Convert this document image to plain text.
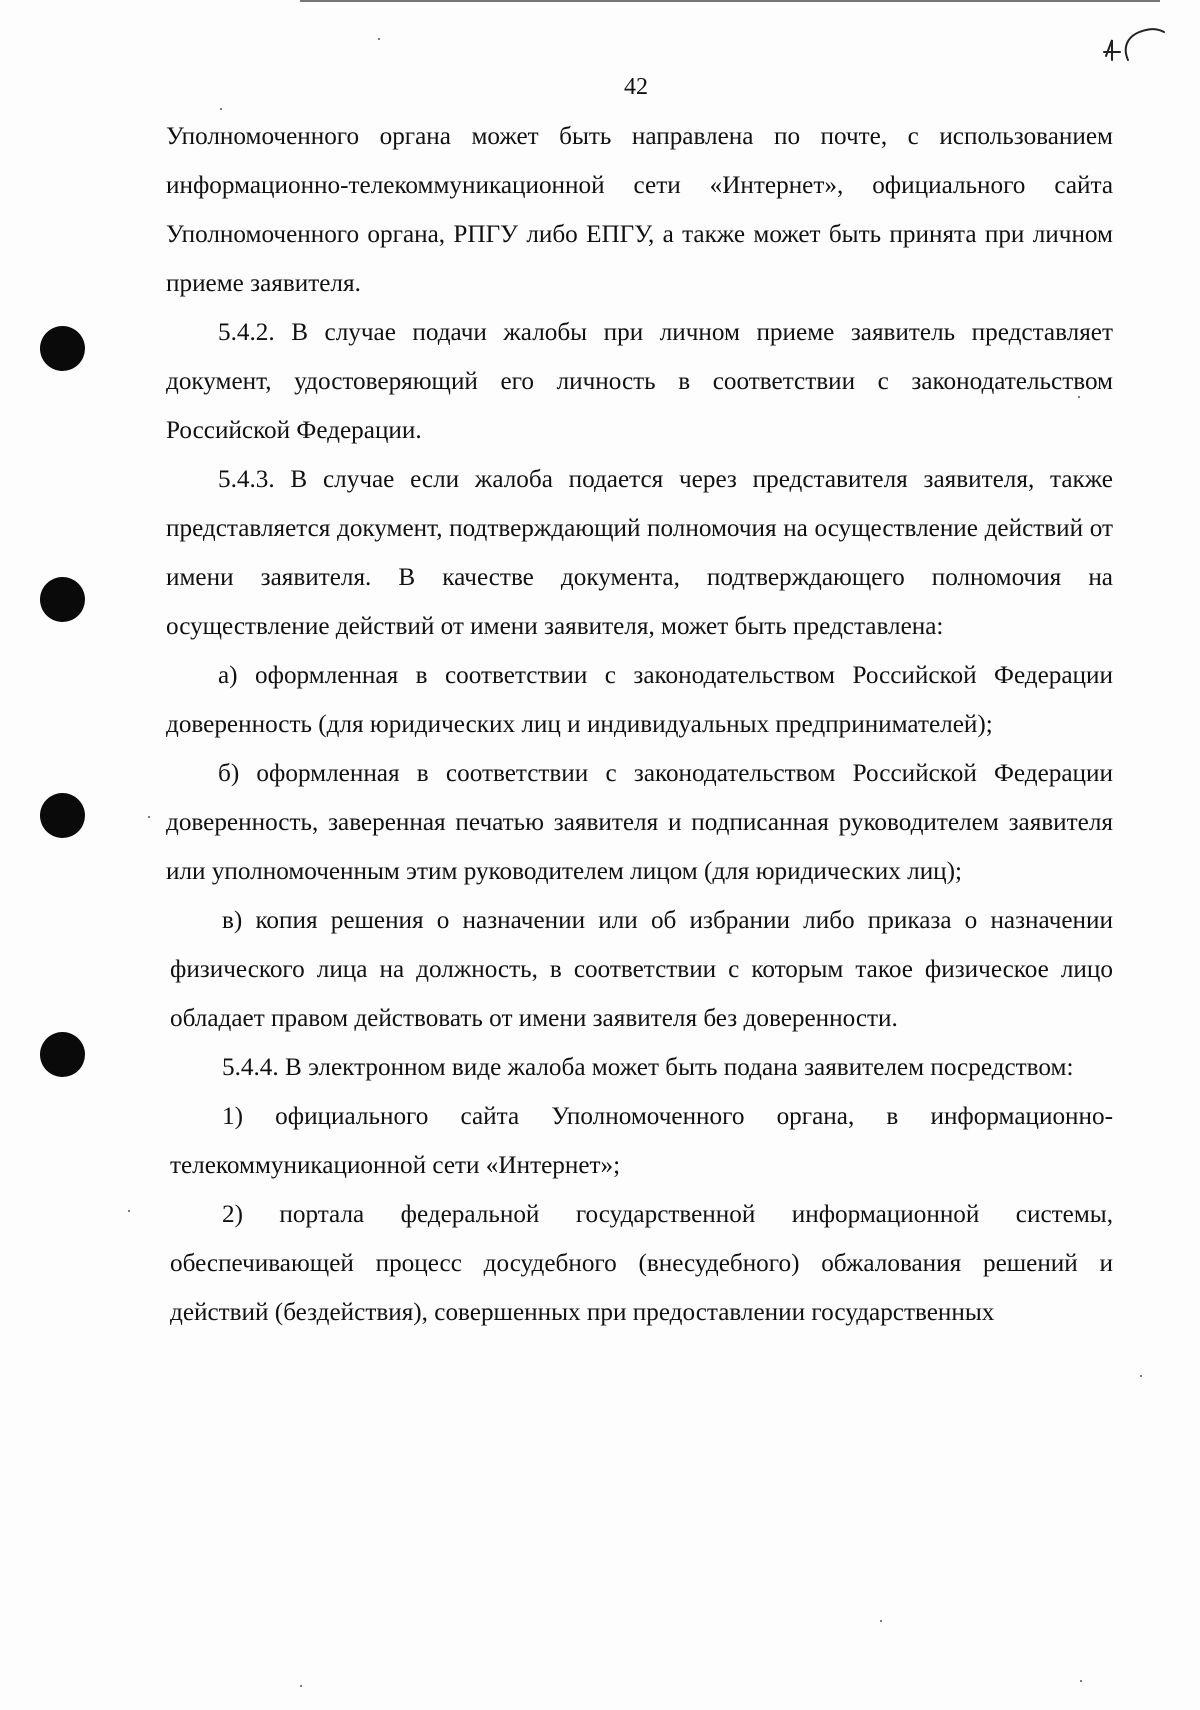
42

Уполномоченного органа может быть направлена по почте, с использованием информационно-телекоммуникационной сети «Интернет», официального сайта Уполномоченного органа, РПГУ либо ЕПГУ, а также может быть принята при личном приеме заявителя.

5.4.2. В случае подачи жалобы при личном приеме заявитель представляет документ, удостоверяющий его личность в соответствии с законодательством Российской Федерации.

5.4.3. В случае если жалоба подается через представителя заявителя, также представляется документ, подтверждающий полномочия на осуществление действий от имени заявителя. В качестве документа, подтверждающего полномочия на осуществление действий от имени заявителя, может быть представлена:

а) оформленная в соответствии с законодательством Российской Федерации доверенность (для юридических лиц и индивидуальных предпринимателей);

б) оформленная в соответствии с законодательством Российской Федерации доверенность, заверенная печатью заявителя и подписанная руководителем заявителя или уполномоченным этим руководителем лицом (для юридических лиц);

в) копия решения о назначении или об избрании либо приказа о назначении физического лица на должность, в соответствии с которым такое физическое лицо обладает правом действовать от имени заявителя без доверенности.

5.4.4. В электронном виде жалоба может быть подана заявителем посредством:

1) официального сайта Уполномоченного органа, в информационно-телекоммуникационной сети «Интернет»;

2) портала федеральной государственной информационной системы, обеспечивающей процесс досудебного (внесудебного) обжалования решений и действий (бездействия), совершенных при предоставлении государственных
